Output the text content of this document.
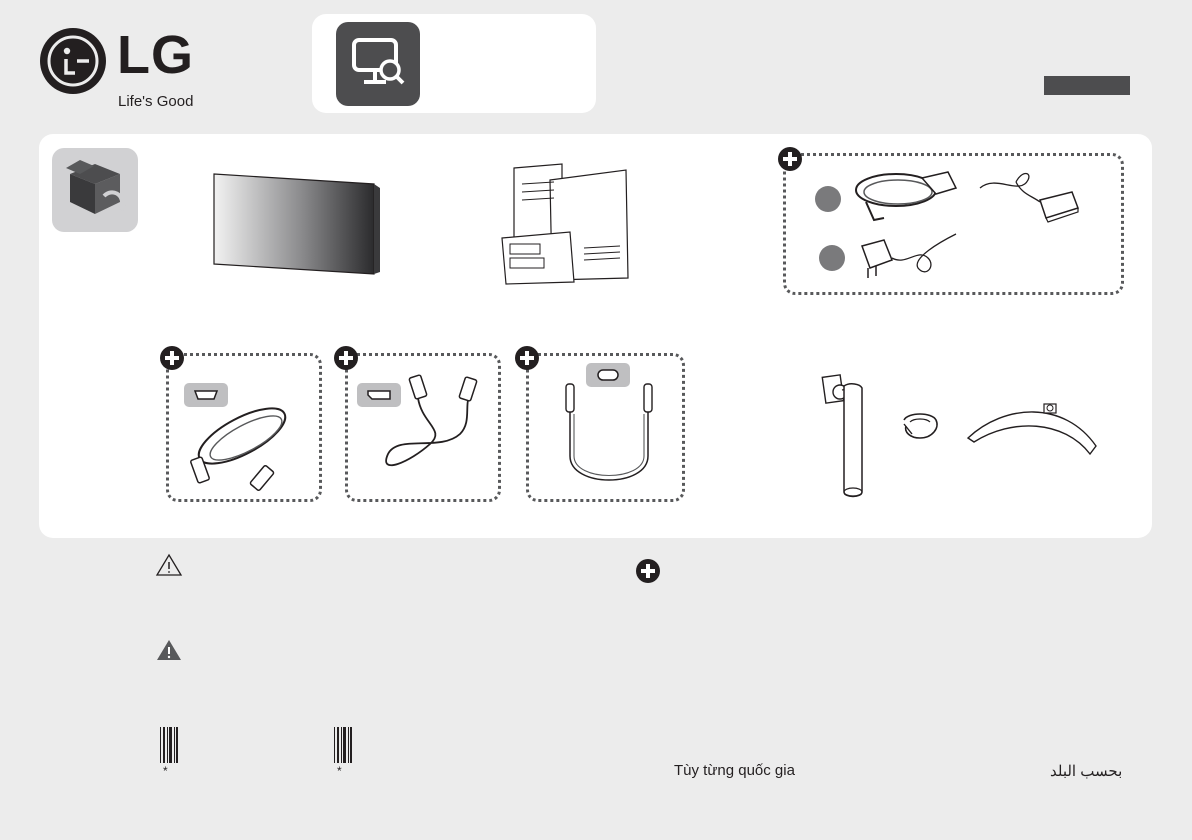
LG
Life's Good
*	*	Tùy từng quốc gia	بحسب البلد
